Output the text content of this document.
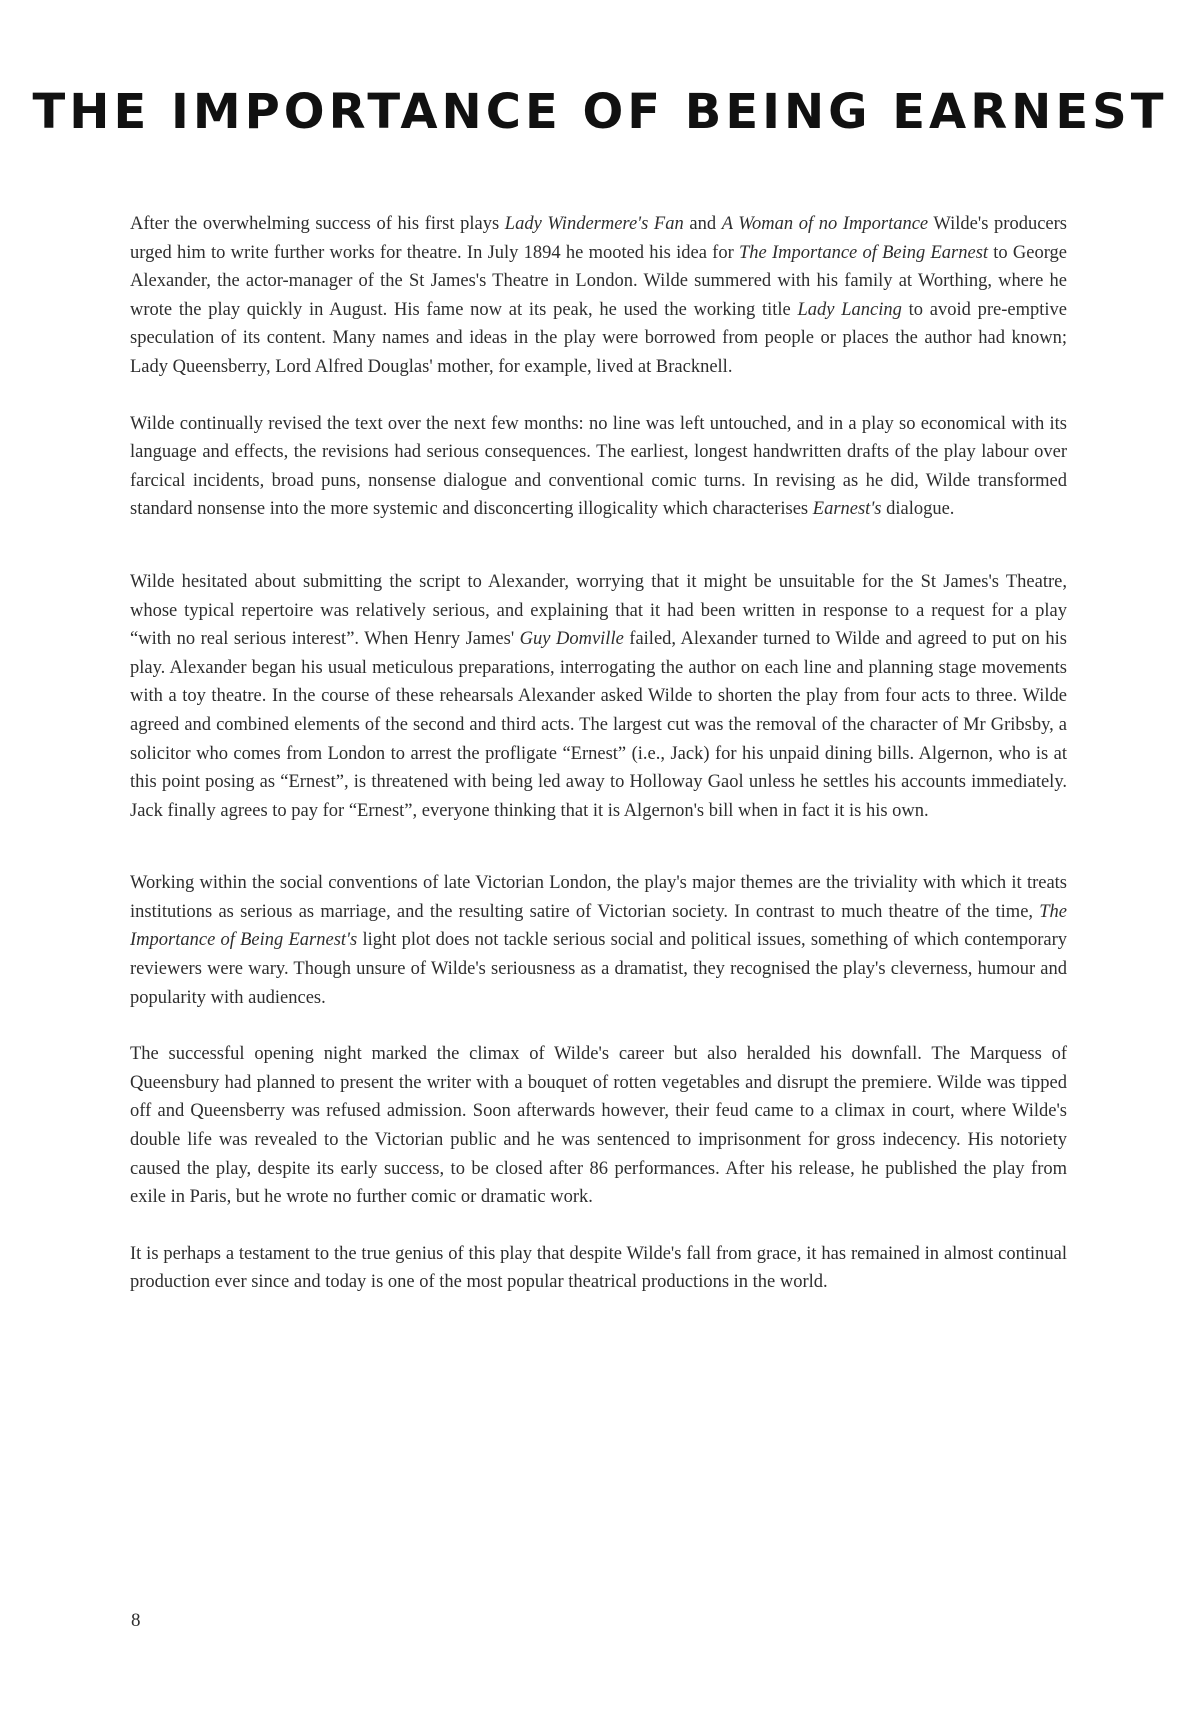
THE IMPORTANCE OF BEING EARNEST

After the overwhelming success of his first plays Lady Windermere's Fan and A Woman of no Importance Wilde's producers urged him to write further works for theatre. In July 1894 he mooted his idea for The Importance of Being Earnest to George Alexander, the actor-manager of the St James's Theatre in London. Wilde summered with his family at Worthing, where he wrote the play quickly in August. His fame now at its peak, he used the working title Lady Lancing to avoid pre-emptive speculation of its content. Many names and ideas in the play were borrowed from people or places the author had known; Lady Queensberry, Lord Alfred Douglas' mother, for example, lived at Bracknell.

Wilde continually revised the text over the next few months: no line was left untouched, and in a play so economical with its language and effects, the revisions had serious consequences. The earliest, longest handwritten drafts of the play labour over farcical incidents, broad puns, nonsense dialogue and conventional comic turns. In revising as he did, Wilde transformed standard nonsense into the more systemic and disconcerting illogicality which characterises Earnest's dialogue.

Wilde hesitated about submitting the script to Alexander, worrying that it might be unsuitable for the St James's Theatre, whose typical repertoire was relatively serious, and explaining that it had been written in response to a request for a play “with no real serious interest”. When Henry James' Guy Domville failed, Alexander turned to Wilde and agreed to put on his play. Alexander began his usual meticulous preparations, interrogating the author on each line and planning stage movements with a toy theatre. In the course of these rehearsals Alexander asked Wilde to shorten the play from four acts to three. Wilde agreed and combined elements of the second and third acts. The largest cut was the removal of the character of Mr Gribsby, a solicitor who comes from London to arrest the profligate “Ernest” (i.e., Jack) for his unpaid dining bills. Algernon, who is at this point posing as “Ernest”, is threatened with being led away to Holloway Gaol unless he settles his accounts immediately. Jack finally agrees to pay for “Ernest”, everyone thinking that it is Algernon's bill when in fact it is his own.

Working within the social conventions of late Victorian London, the play's major themes are the triviality with which it treats institutions as serious as marriage, and the resulting satire of Victorian society. In contrast to much theatre of the time, The Importance of Being Earnest's light plot does not tackle serious social and political issues, something of which contemporary reviewers were wary. Though unsure of Wilde's seriousness as a dramatist, they recognised the play's cleverness, humour and popularity with audiences.

The successful opening night marked the climax of Wilde's career but also heralded his downfall. The Marquess of Queensbury had planned to present the writer with a bouquet of rotten vegetables and disrupt the premiere. Wilde was tipped off and Queensberry was refused admission. Soon afterwards however, their feud came to a climax in court, where Wilde's double life was revealed to the Victorian public and he was sentenced to imprisonment for gross indecency. His notoriety caused the play, despite its early success, to be closed after 86 performances. After his release, he published the play from exile in Paris, but he wrote no further comic or dramatic work.

It is perhaps a testament to the true genius of this play that despite Wilde's fall from grace, it has remained in almost continual production ever since and today is one of the most popular theatrical productions in the world.

8
